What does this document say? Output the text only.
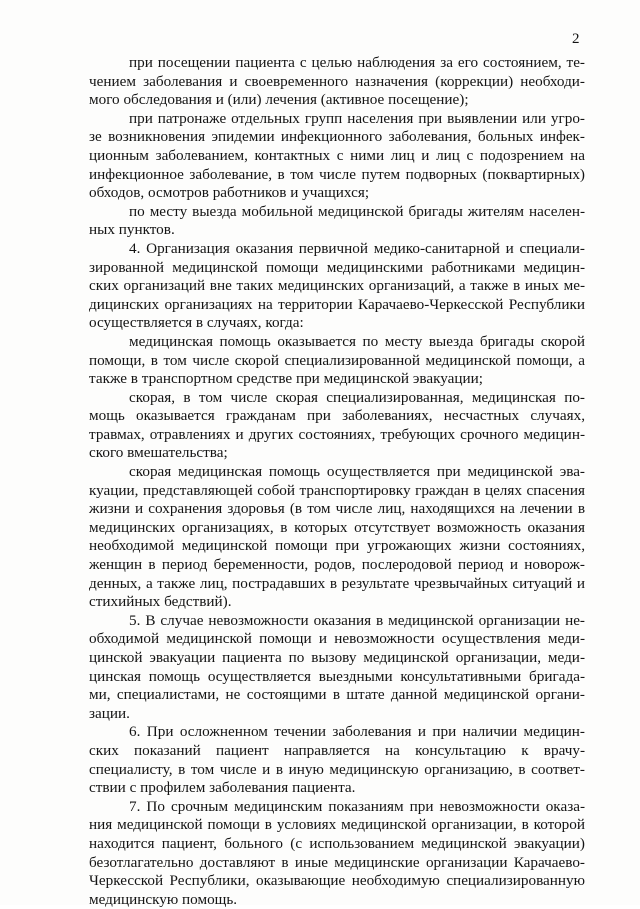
2
при посещении пациента с целью наблюдения за его состоянием, те-
чением заболевания и своевременного назначения (коррекции) необходи-
мого обследования и (или) лечения (активное посещение);
при патронаже отдельных групп населения при выявлении или угро-
зе возникновения эпидемии инфекционного заболевания, больных инфек-
ционным заболеванием, контактных с ними лиц и лиц с подозрением на
инфекционное заболевание, в том числе путем подворных (поквартирных)
обходов, осмотров работников и учащихся;
по месту выезда мобильной медицинской бригады жителям населен-
ных пунктов.
4. Организация оказания первичной медико-санитарной и специали-
зированной медицинской помощи медицинскими работниками медицин-
ских организаций вне таких медицинских организаций, а также в иных ме-
дицинских организациях на территории Карачаево-Черкесской Республики
осуществляется в случаях, когда:
медицинская помощь оказывается по месту выезда бригады скорой
помощи, в том числе скорой специализированной медицинской помощи, а
также в транспортном средстве при медицинской эвакуации;
скорая, в том числе скорая специализированная, медицинская по-
мощь оказывается гражданам при заболеваниях, несчастных случаях,
травмах, отравлениях и других состояниях, требующих срочного медицин-
ского вмешательства;
скорая медицинская помощь осуществляется при медицинской эва-
куации, представляющей собой транспортировку граждан в целях спасения
жизни и сохранения здоровья (в том числе лиц, находящихся на лечении в
медицинских организациях, в которых отсутствует возможность оказания
необходимой медицинской помощи при угрожающих жизни состояниях,
женщин в период беременности, родов, послеродовой период и новорож-
денных, а также лиц, пострадавших в результате чрезвычайных ситуаций и
стихийных бедствий).
5. В случае невозможности оказания в медицинской организации не-
обходимой медицинской помощи и невозможности осуществления меди-
цинской эвакуации пациента по вызову медицинской организации, меди-
цинская помощь осуществляется выездными консультативными бригада-
ми, специалистами, не состоящими в штате данной медицинской органи-
зации.
6. При осложненном течении заболевания и при наличии медицин-
ских показаний пациент направляется на консультацию к врачу-
специалисту, в том числе и в иную медицинскую организацию, в соответ-
ствии с профилем заболевания пациента.
7. По срочным медицинским показаниям при невозможности оказа-
ния медицинской помощи в условиях медицинской организации, в которой
находится пациент, больного (с использованием медицинской эвакуации)
безотлагательно доставляют в иные медицинские организации Карачаево-
Черкесской Республики, оказывающие необходимую специализированную
медицинскую помощь.
